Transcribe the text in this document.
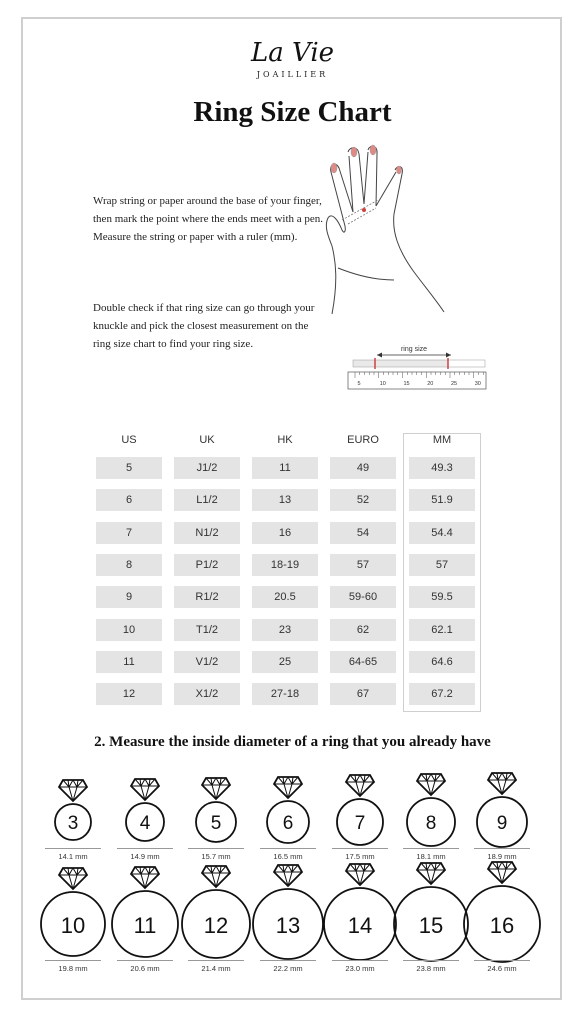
La Vie
JOAILLIER
Ring Size Chart

Wrap string or paper around the base of your finger, then mark the point where the ends meet with a pen. Measure the string or paper with a ruler (mm).

Double check if that ring size can go through your knuckle and pick the closest measurement on the ring size chart to find your ring size.	ring size
5	10	15	20	25	30
US	UK	HK	EURO	MM
5	J1/2	11	49	49.3
6	L1/2	13	52	51.9
7	N1/2	16	54	54.4
8	P1/2	18-19	57	57
9	R1/2	20.5	59-60	59.5
10	T1/2	23	62	62.1
11	V1/2	25	64-65	64.6
12	X1/2	27-18	67	67.2
2. Measure the inside diameter of a ring that you already have
3
14.1 mm
4
14.9 mm
5
15.7 mm
6
16.5 mm
7
17.5 mm
8
18.1 mm
9
18.9 mm
10
19.8 mm
11
20.6 mm
12
21.4 mm
13
22.2 mm
14
23.0 mm
15
23.8 mm
16
24.6 mm
